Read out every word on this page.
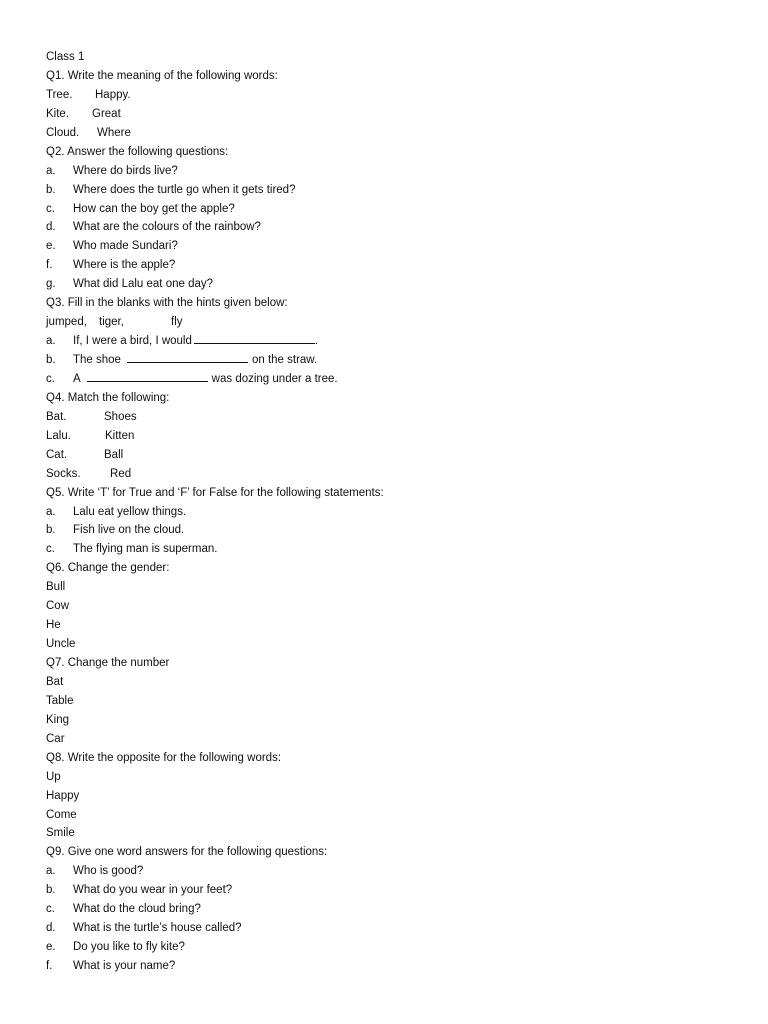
Class 1
Q1. Write the meaning of the following words:
Tree. Happy.
Kite. Great
Cloud. Where
Q2. Answer the following questions:
a. Where do birds live?
b. Where does the turtle go when it gets tired?
c. How can the boy get the apple?
d. What are the colours of the rainbow?
e. Who made Sundari?
f. Where is the apple?
g. What did Lalu eat one day?
Q3. Fill in the blanks with the hints given below:
jumped, tiger,	fly
a. If, I were a bird, I would	.
b. The shoe	on the straw.
c. A	was dozing under a tree.
Q4. Match the following:
Bat.	Shoes
Lalu.	Kitten
Cat.	Ball
Socks.	Red
Q5. Write ‘T’ for True and ‘F’ for False for the following statements:
a. Lalu eat yellow things.
b. Fish live on the cloud.
c. The flying man is superman.
Q6. Change the gender:
Bull
Cow
He
Uncle
Q7. Change the number
Bat
Table
King
Car
Q8. Write the opposite for the following words:
Up
Happy
Come
Smile
Q9. Give one word answers for the following questions:
a. Who is good?
b. What do you wear in your feet?
c. What do the cloud bring?
d. What is the turtle’s house called?
e. Do you like to fly kite?
f. What is your name?
